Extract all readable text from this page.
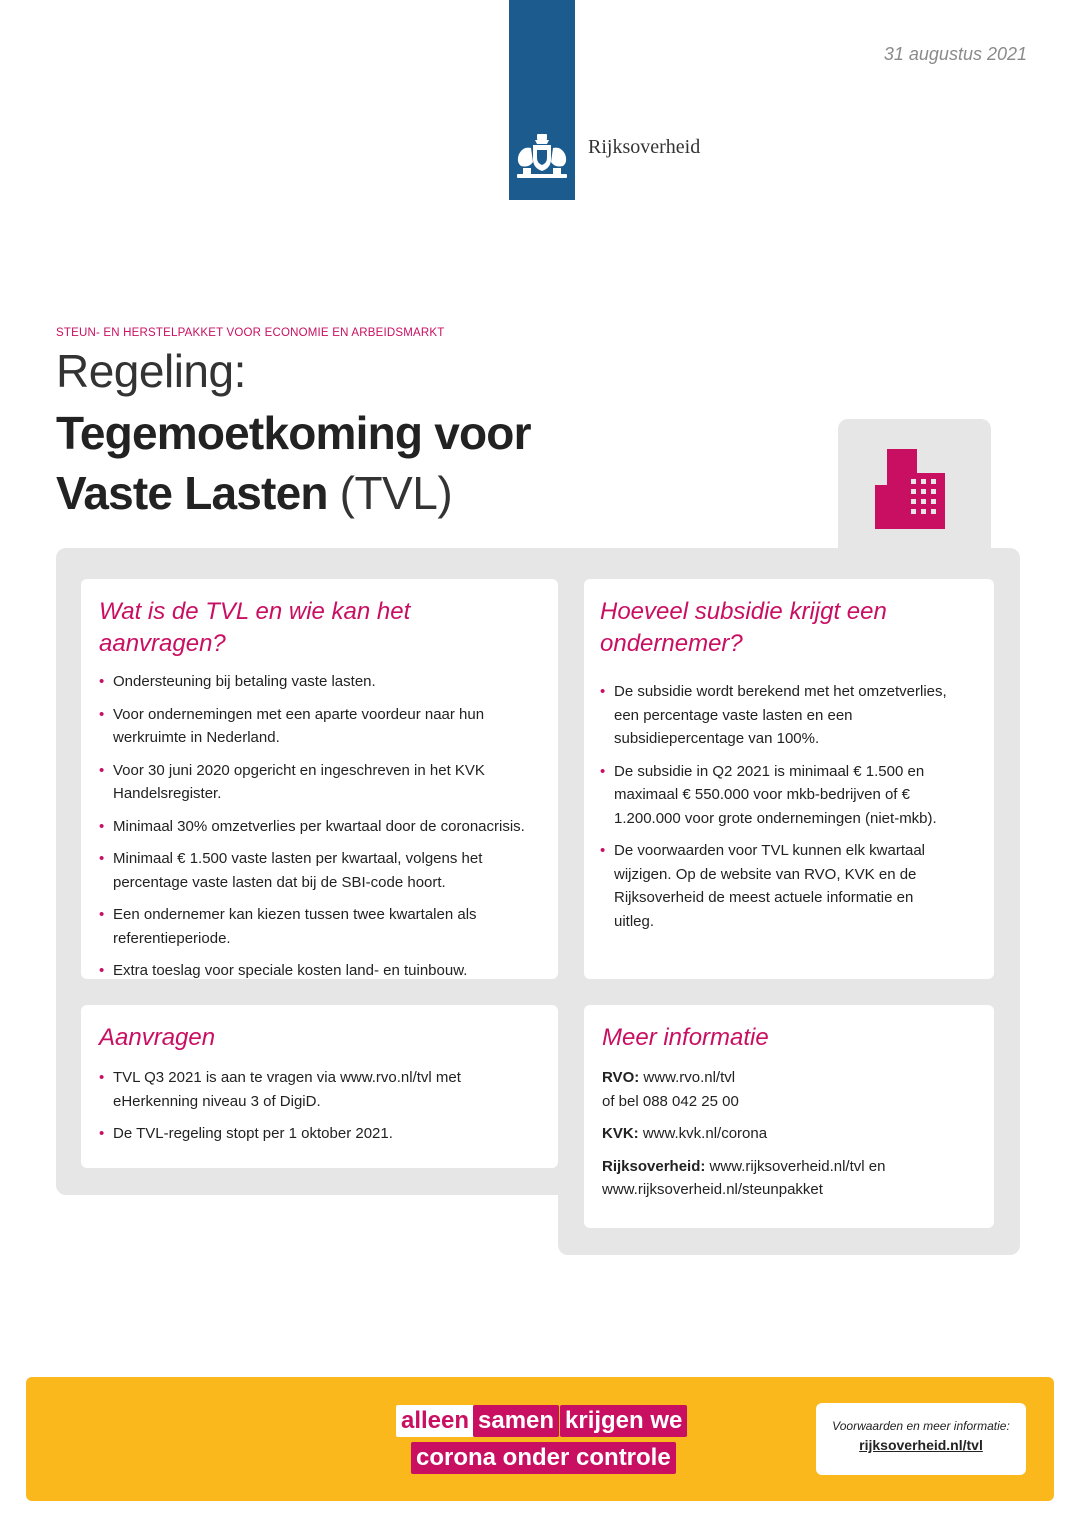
31 augustus 2021
Rijksoverheid
STEUN- EN HERSTELPAKKET VOOR ECONOMIE EN ARBEIDSMARKT
Regeling:
Tegemoetkoming voor
Vaste Lasten (TVL)
Wat is de TVL en wie kan het aanvragen?
• Ondersteuning bij betaling vaste lasten.
• Voor ondernemingen met een aparte voordeur naar hun werkruimte in Nederland.
• Voor 30 juni 2020 opgericht en ingeschreven in het KVK Handelsregister.
• Minimaal 30% omzetverlies per kwartaal door de coronacrisis.
• Minimaal € 1.500 vaste lasten per kwartaal, volgens het percentage vaste lasten dat bij de SBI-code hoort.
• Een ondernemer kan kiezen tussen twee kwartalen als referentieperiode.
• Extra toeslag voor speciale kosten land- en tuinbouw.
Hoeveel subsidie krijgt een ondernemer?
• De subsidie wordt berekend met het omzetverlies, een percentage vaste lasten en een subsidiepercentage van 100%.
• De subsidie in Q2 2021 is minimaal € 1.500 en maximaal € 550.000 voor mkb-bedrijven of € 1.200.000 voor grote ondernemingen (niet-mkb).
• De voorwaarden voor TVL kunnen elk kwartaal wijzigen. Op de website van RVO, KVK en de Rijksoverheid de meest actuele informatie en uitleg.
Aanvragen
• TVL Q3 2021 is aan te vragen via www.rvo.nl/tvl met eHerkenning niveau 3 of DigiD.
• De TVL-regeling stopt per 1 oktober 2021.
Meer informatie

RVO: www.rvo.nl/tvl
of bel 088 042 25 00

KVK: www.kvk.nl/corona

Rijksoverheid: www.rijksoverheid.nl/tvl en
www.rijksoverheid.nl/steunpakket

alleen samen krijgen we
corona onder controle
Voorwaarden en meer informatie:
rijksoverheid.nl/tvl
